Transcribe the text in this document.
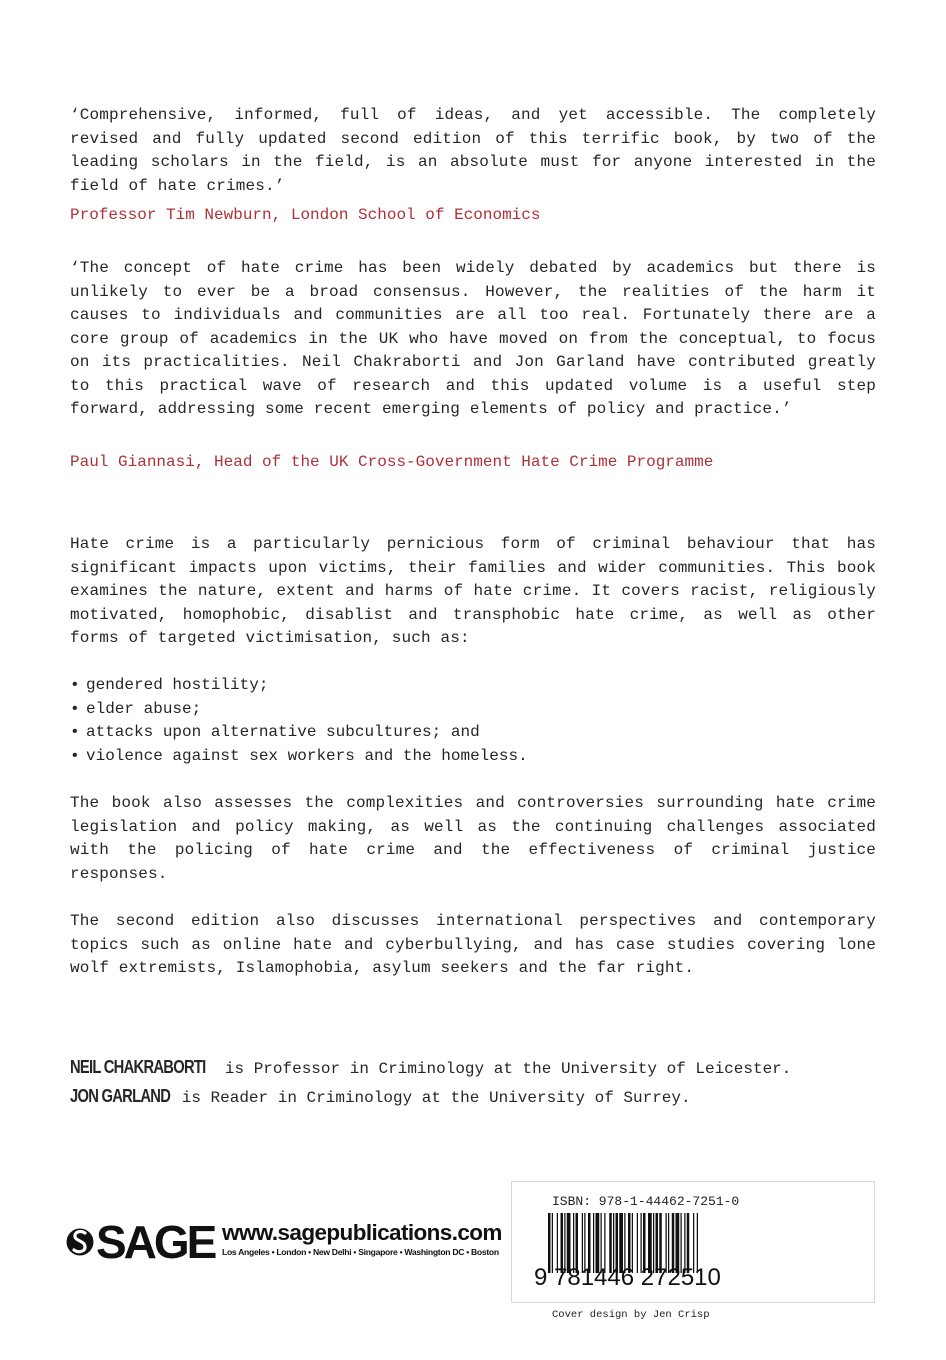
‘Comprehensive, informed, full of ideas, and yet accessible. The completely revised and fully updated second edition of this terrific book, by two of the leading scholars in the field, is an absolute must for anyone interested in the field of hate crimes.’

Professor Tim Newburn, London School of Economics

‘The concept of hate crime has been widely debated by academics but there is unlikely to ever be a broad consensus. However, the realities of the harm it causes to individuals and communities are all too real. Fortunately there are a core group of academics in the UK who have moved on from the conceptual, to focus on its practicalities. Neil Chakraborti and Jon Garland have contributed greatly to this practical wave of research and this updated volume is a useful step forward, addressing some recent emerging elements of policy and practice.’

Paul Giannasi, Head of the UK Cross-Government Hate Crime Programme

Hate crime is a particularly pernicious form of criminal behaviour that has significant impacts upon victims, their families and wider communities. This book examines the nature, extent and harms of hate crime. It covers racist, religiously motivated, homophobic, disablist and transphobic hate crime, as well as other forms of targeted victimisation, such as:

• gendered hostility;
• elder abuse;
• attacks upon alternative subcultures; and
• violence against sex workers and the homeless.

The book also assesses the complexities and controversies surrounding hate crime legislation and policy making, as well as the continuing challenges associated with the policing of hate crime and the effectiveness of criminal justice responses.

The second edition also discusses international perspectives and contemporary topics such as online hate and cyberbullying, and has case studies covering lone wolf extremists, Islamophobia, asylum seekers and the far right.

NEIL CHAKRABORTI is Professor in Criminology at the University of Leicester.
JON GARLAND is Reader in Criminology at the University of Surrey.
SAGE www.sagepublications.com
Los Angeles • London • New Delhi • Singapore • Washington DC • Boston
ISBN: 978-1-44462-7251-0
9 781446 272510
Cover design by Jen Crisp
